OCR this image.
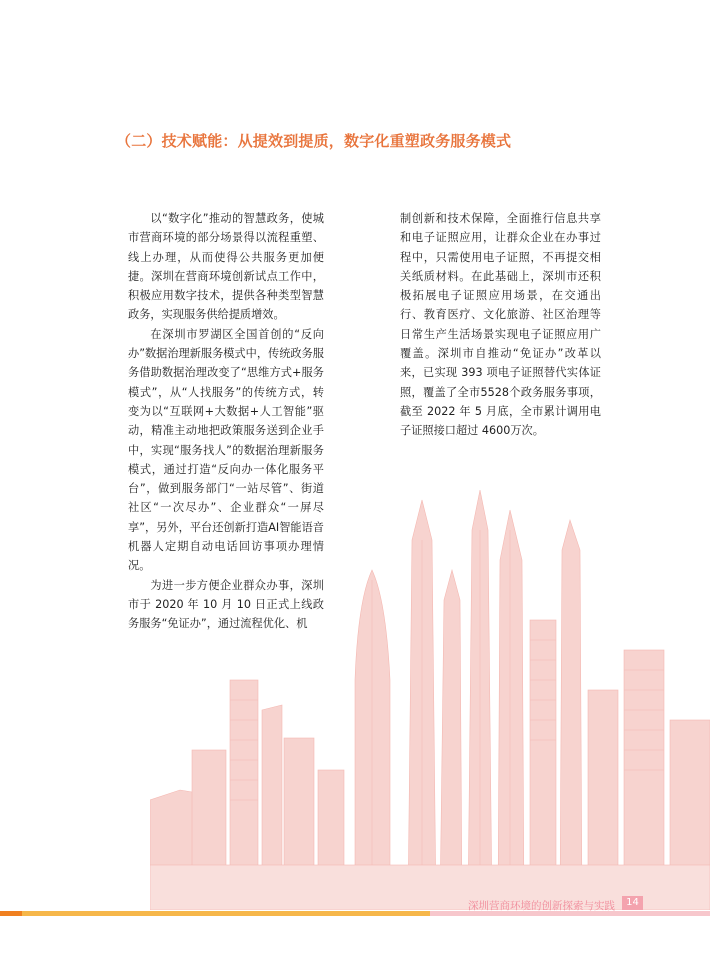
（二）技术赋能：从提效到提质，数字化重塑政务服务模式

以“数字化”推动的智慧政务，使城市营商环境的部分场景得以流程重塑、线上办理，从而使得公共服务更加便捷。深圳在营商环境创新试点工作中，积极应用数字技术，提供各种类型智慧政务，实现服务供给提质增效。

在深圳市罗湖区全国首创的“反向办”数据治理新服务模式中，传统政务服务借助数据治理改变了“思维方式+服务模式”，从“人找服务”的传统方式，转变为以“互联网+大数据+人工智能”驱动，精准主动地把政策服务送到企业手中，实现“服务找人”的数据治理新服务模式，通过打造“反向办一体化服务平台”，做到服务部门“一站尽管”、街道社区“一次尽办”、企业群众“一屏尽享”，另外，平台还创新打造AI智能语音机器人定期自动电话回访事项办理情况。

为进一步方便企业群众办事，深圳市于 2020 年 10 月 10 日正式上线政务服务“免证办”，通过流程优化、机

制创新和技术保障，全面推行信息共享和电子证照应用，让群众企业在办事过程中，只需使用电子证照，不再提交相关纸质材料。在此基础上，深圳市还积极拓展电子证照应用场景，在交通出行、教育医疗、文化旅游、社区治理等日常生产生活场景实现电子证照应用广覆盖。深圳市自推动“免证办”改革以来，已实现 393 项电子证照替代实体证照，覆盖了全市5528个政务服务事项，截至 2022 年 5 月底，全市累计调用电子证照接口超过 4600万次。

深圳营商环境的创新探索与实践	14
